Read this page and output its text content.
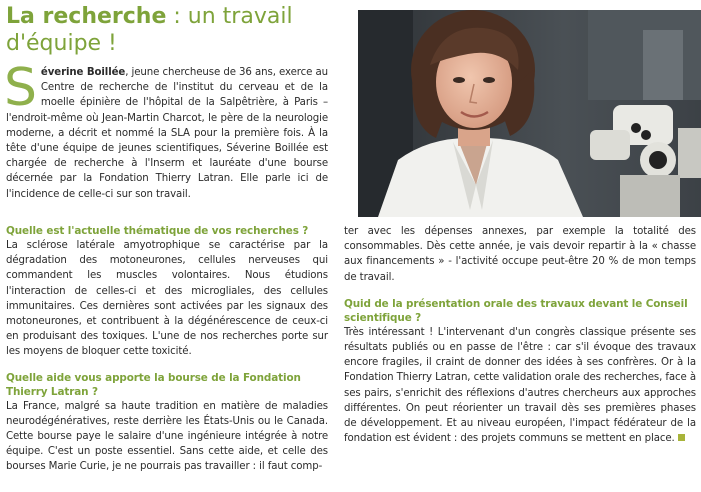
La recherche : un travail d'équipe !

Séverine Boillée, jeune chercheuse de 36 ans, exerce au Centre de recherche de l'institut du cerveau et de la moelle épinière de l'hôpital de la Salpêtrière, à Paris – l'endroit-même où Jean-Martin Charcot, le père de la neurologie moderne, a décrit et nommé la SLA pour la première fois. À la tête d'une équipe de jeunes scientifiques, Séverine Boillée est chargée de recherche à l'Inserm et lauréate d'une bourse décernée par la Fondation Thierry Latran. Elle parle ici de l'incidence de celle-ci sur son travail.

Quelle est l'actuelle thématique de vos recherches ?

La sclérose latérale amyotrophique se caractérise par la dégradation des motoneurones, cellules nerveuses qui commandent les muscles volontaires. Nous étudions l'interaction de celles-ci et des microgliales, des cellules immunitaires. Ces dernières sont activées par les signaux des motoneurones, et contribuent à la dégénérescence de ceux-ci en produisant des toxiques. L'une de nos recherches porte sur les moyens de bloquer cette toxicité.

Quelle aide vous apporte la bourse de la Fondation Thierry Latran ?

La France, malgré sa haute tradition en matière de maladies neurodégénératives, reste derrière les États-Unis ou le Canada. Cette bourse paye le salaire d'une ingénieure intégrée à notre équipe. C'est un poste essentiel. Sans cette aide, et celle des bourses Marie Curie, je ne pourrais pas travailler : il faut comp-

ter avec les dépenses annexes, par exemple la totalité des consommables. Dès cette année, je vais devoir repartir à la « chasse aux financements » - l'activité occupe peut-être 20 % de mon temps de travail.

Quid de la présentation orale des travaux devant le Conseil scientifique ?

Très intéressant ! L'intervenant d'un congrès classique présente ses résultats publiés ou en passe de l'être : car s'il évoque des travaux encore fragiles, il craint de donner des idées à ses confrères. Or à la Fondation Thierry Latran, cette validation orale des recherches, face à ses pairs, s'enrichit des réflexions d'autres chercheurs aux approches différentes. On peut réorienter un travail dès ses premières phases de développement. Et au niveau européen, l'impact fédérateur de la fondation est évident : des projets communs se mettent en place.
